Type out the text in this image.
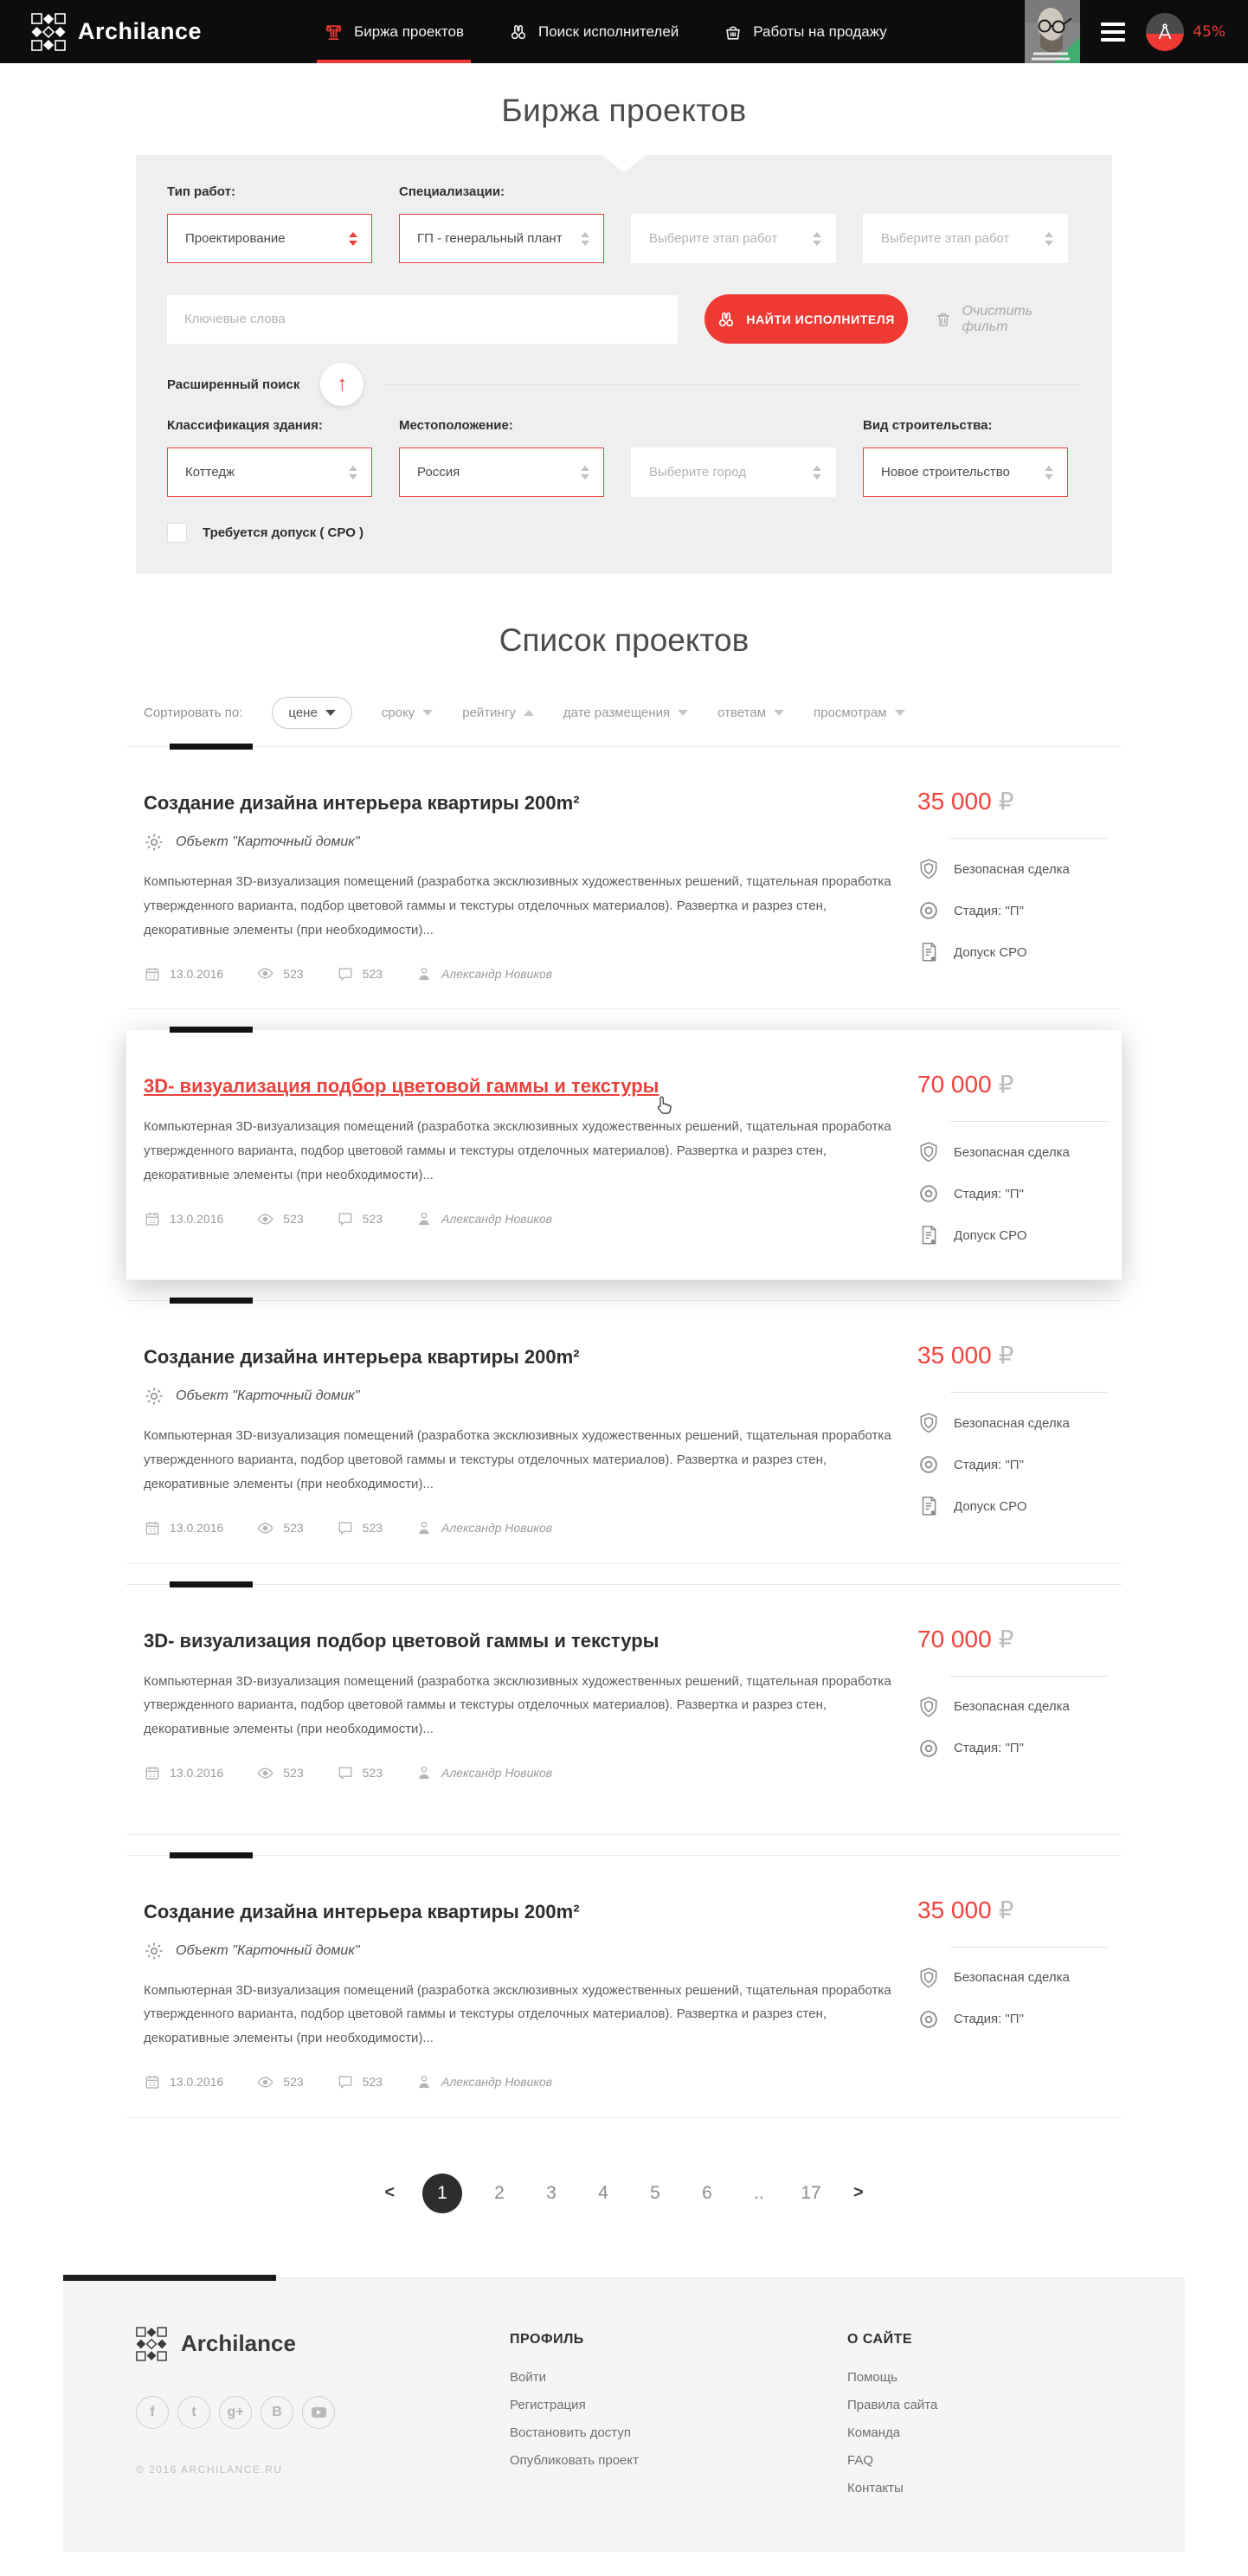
Archilance	Биржа проектов	Поиск исполнителей	Работы на продажу	45%
Биржа проектов
Тип работ:
Проектирование
Специализации:
ГП - генеральный плант
	Выберите этап работ
	Выберите этап работ
Ключевые слова
НАЙТИ ИСПОЛНИТЕЛЯ
Очистить фильт
Расширенный поиск ↑
Классификация здания:
Коттедж
Местоположение:
Россия
	Выберите город
Вид строительства:
Новое строительство
Требуется допуск ( СРО )
Список проектов
Сортировать по:	цене	сроку	рейтингу	дате размещения	ответам	просмотрам
Создание дизайна интерьера квартиры 200m²
Объект "Карточный домик"

Компьютерная 3D-визуализация помещений (разработка эксклюзивных художественных решений, тщательная проработка утвержденного варианта, подбор цветовой гаммы и текстуры отделочных материалов). Развертка и разрез стен, декоративные элементы (при необходимости)...

13.0.2016	523	523	Александр Новиков
35 000 ₽
Безопасная сделка
Стадия: "П"
Допуск СРО
3D- визуализация подбор цветовой гаммы и текстуры

Компьютерная 3D-визуализация помещений (разработка эксклюзивных художественных решений, тщательная проработка утвержденного варианта, подбор цветовой гаммы и текстуры отделочных материалов). Развертка и разрез стен, декоративные элементы (при необходимости)...

13.0.2016	523	523	Александр Новиков
70 000 ₽
Безопасная сделка
Стадия: "П"
Допуск СРО
Создание дизайна интерьера квартиры 200m²
Объект "Карточный домик"

Компьютерная 3D-визуализация помещений (разработка эксклюзивных художественных решений, тщательная проработка утвержденного варианта, подбор цветовой гаммы и текстуры отделочных материалов). Развертка и разрез стен, декоративные элементы (при необходимости)...

13.0.2016	523	523	Александр Новиков
35 000 ₽
Безопасная сделка
Стадия: "П"
Допуск СРО
3D- визуализация подбор цветовой гаммы и текстуры

Компьютерная 3D-визуализация помещений (разработка эксклюзивных художественных решений, тщательная проработка утвержденного варианта, подбор цветовой гаммы и текстуры отделочных материалов). Развертка и разрез стен, декоративные элементы (при необходимости)...

13.0.2016	523	523	Александр Новиков
70 000 ₽
Безопасная сделка
Стадия: "П"
Создание дизайна интерьера квартиры 200m²
Объект "Карточный домик"

Компьютерная 3D-визуализация помещений (разработка эксклюзивных художественных решений, тщательная проработка утвержденного варианта, подбор цветовой гаммы и текстуры отделочных материалов). Развертка и разрез стен, декоративные элементы (при необходимости)...

13.0.2016	523	523	Александр Новиков
35 000 ₽
Безопасная сделка
Стадия: "П"
<	1	2	3	4	5	6	..	17	>
Archilance
f	t	g+	B
© 2016 ARCHILANCE.RU
ПРОФИЛЬ
Войти
Регистрация
Востановить доступ
Опубликовать проект
О САЙТЕ
Помощь
Правила сайта
Команда
FAQ
Контакты
